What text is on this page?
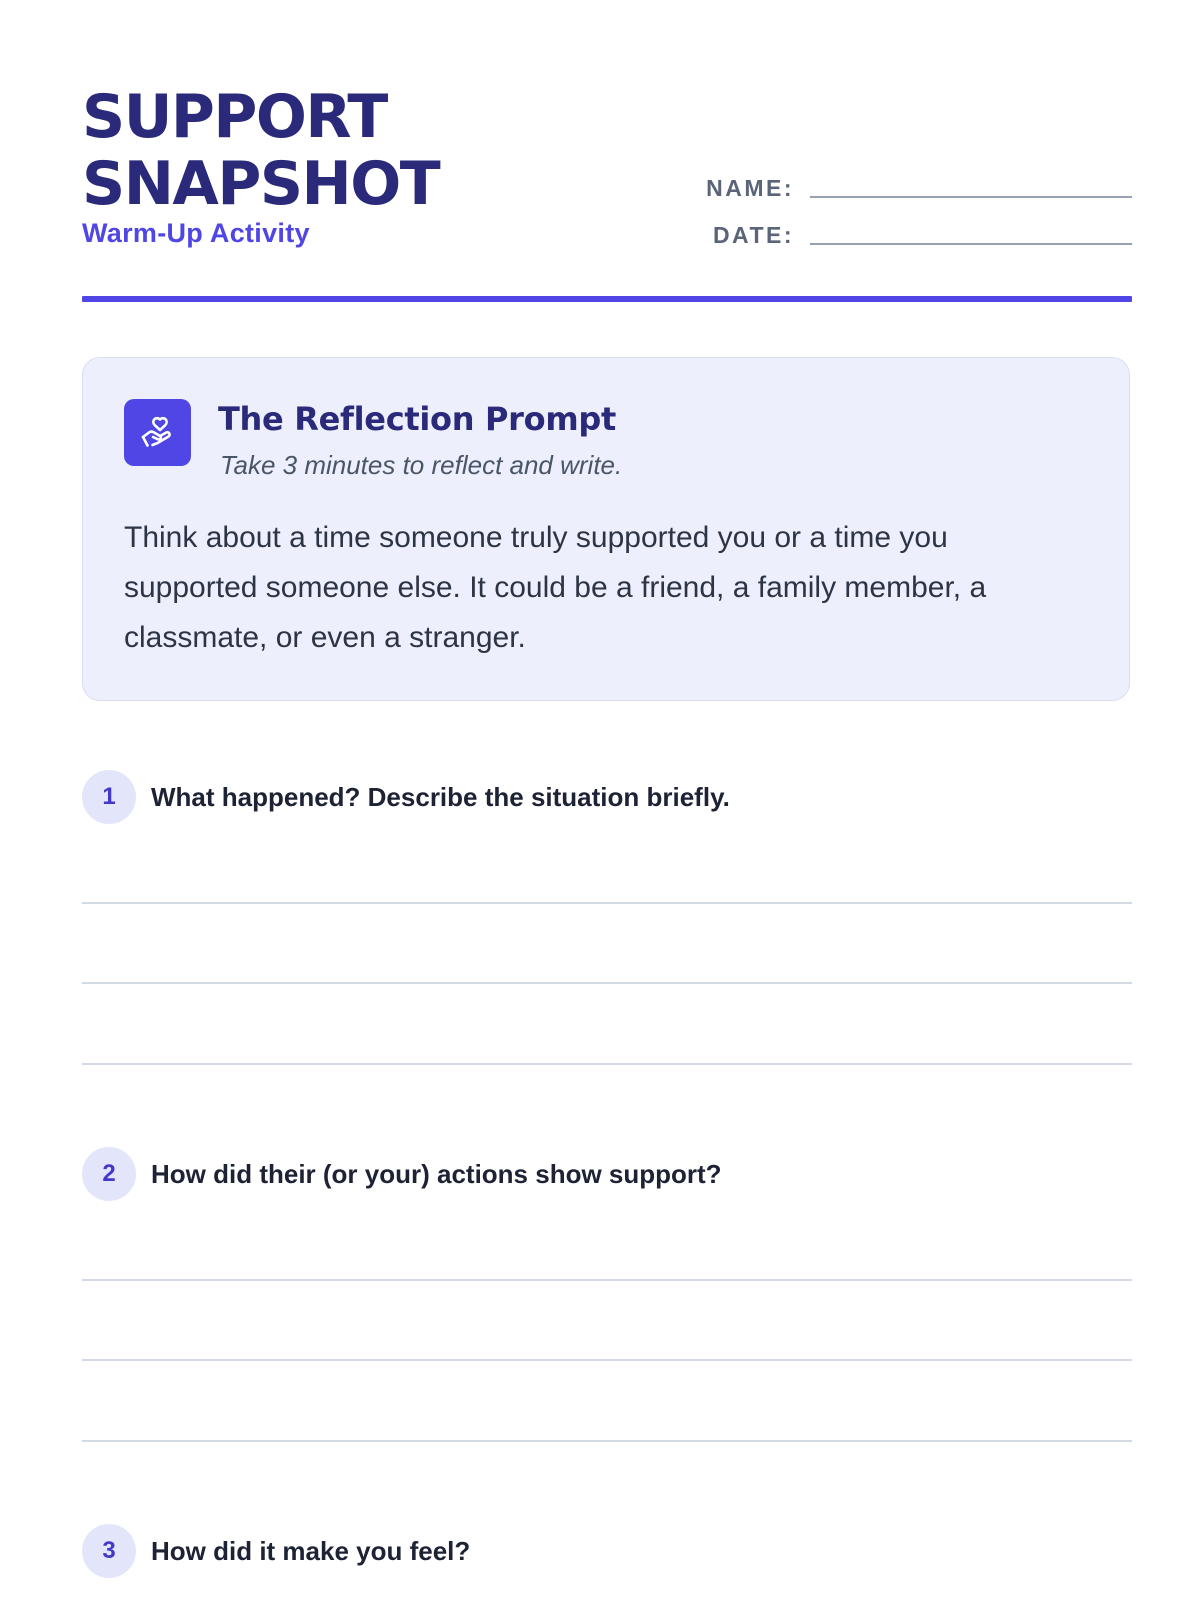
SUPPORT
SNAPSHOT
Warm-Up Activity
NAME:
DATE:
The Reflection Prompt
Take 3 minutes to reflect and write.

Think about a time someone truly supported you or a time you supported someone else. It could be a friend, a family member, a classmate, or even a stranger.

1	What happened? Describe the situation briefly.
2	How did their (or your) actions show support?
3	How did it make you feel?
